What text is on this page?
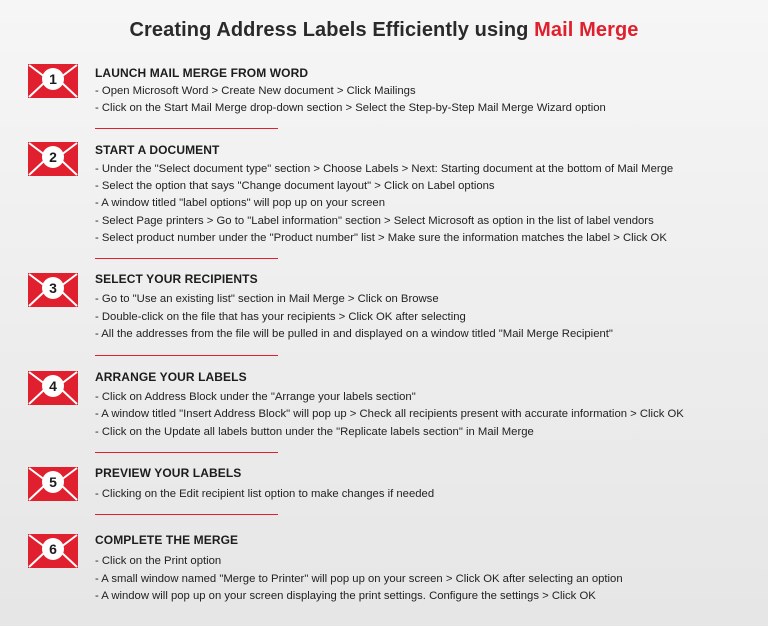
Creating Address Labels Efficiently using Mail Merge
1	LAUNCH MAIL MERGE FROM WORD
- Open Microsoft Word > Create New document > Click Mailings
- Click on the Start Mail Merge drop-down section > Select the Step-by-Step Mail Merge Wizard option
2	START A DOCUMENT
- Under the "Select document type" section > Choose Labels > Next: Starting document at the bottom of Mail Merge
- Select the option that says "Change document layout" > Click on Label options
- A window titled "label options" will pop up on your screen
- Select Page printers > Go to "Label information" section > Select Microsoft as option in the list of label vendors
- Select product number under the "Product number" list > Make sure the information matches the label > Click OK
3
SELECT YOUR RECIPIENTS
- Go to "Use an existing list" section in Mail Merge > Click on Browse
- Double-click on the file that has your recipients > Click OK after selecting
- All the addresses from the file will be pulled in and displayed on a window titled "Mail Merge Recipient"
4
ARRANGE YOUR LABELS
- Click on Address Block under the "Arrange your labels section"
- A window titled "Insert Address Block" will pop up > Check all recipients present with accurate information > Click OK
- Click on the Update all labels button under the "Replicate labels section" in Mail Merge
5
PREVIEW YOUR LABELS
- Clicking on the Edit recipient list option to make changes if needed
6
COMPLETE THE MERGE
- Click on the Print option
- A small window named "Merge to Printer" will pop up on your screen > Click OK after selecting an option
- A window will pop up on your screen displaying the print settings. Configure the settings > Click OK
